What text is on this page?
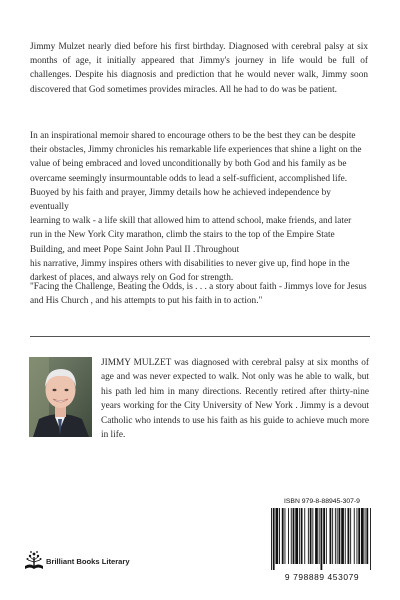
Jimmy Mulzet nearly died before his first birthday. Diagnosed with cerebral palsy at six months of age, it initially appeared that Jimmy's journey in life would be full of challenges. Despite his diagnosis and prediction that he would never walk, Jimmy soon discovered that God sometimes provides miracles. All he had to do was be patient.

In an inspirational memoir shared to encourage others to be the best they can be despite
their obstacles, Jimmy chronicles his remarkable life experiences that shine a light on the
value of being embraced and loved unconditionally by both God and his family as be
overcame seemingly insurmountable odds to lead a self-sufficient, accomplished life.
Buoyed by his faith and prayer, Jimmy details how he achieved independence by eventually
learning to walk - a life skill that allowed him to attend school, make friends, and later
run in the New York City marathon, climb the stairs to the top of the Empire State
Building, and meet Pope Saint John Paul II .Throughout
his narrative, Jimmy inspires others with disabilities to never give up, find hope in the
darkest of places, and always rely on God for strength.

"Facing the Challenge, Beating the Odds, is . . . a story about faith - Jimmys love for Jesus and His Church , and his attempts to put his faith in to action."

JIMMY MULZET was diagnosed with cerebral palsy at six months of age and was never expected to walk. Not only was he able to walk, but his path led him in many directions. Recently retired after thirty-nine years working for the City University of New York . Jimmy is a devout Catholic who intends to use his faith as his guide to achieve much more in life.

Brilliant Books Literary
ISBN 979-8-88945-307-9
9 798889 453079
